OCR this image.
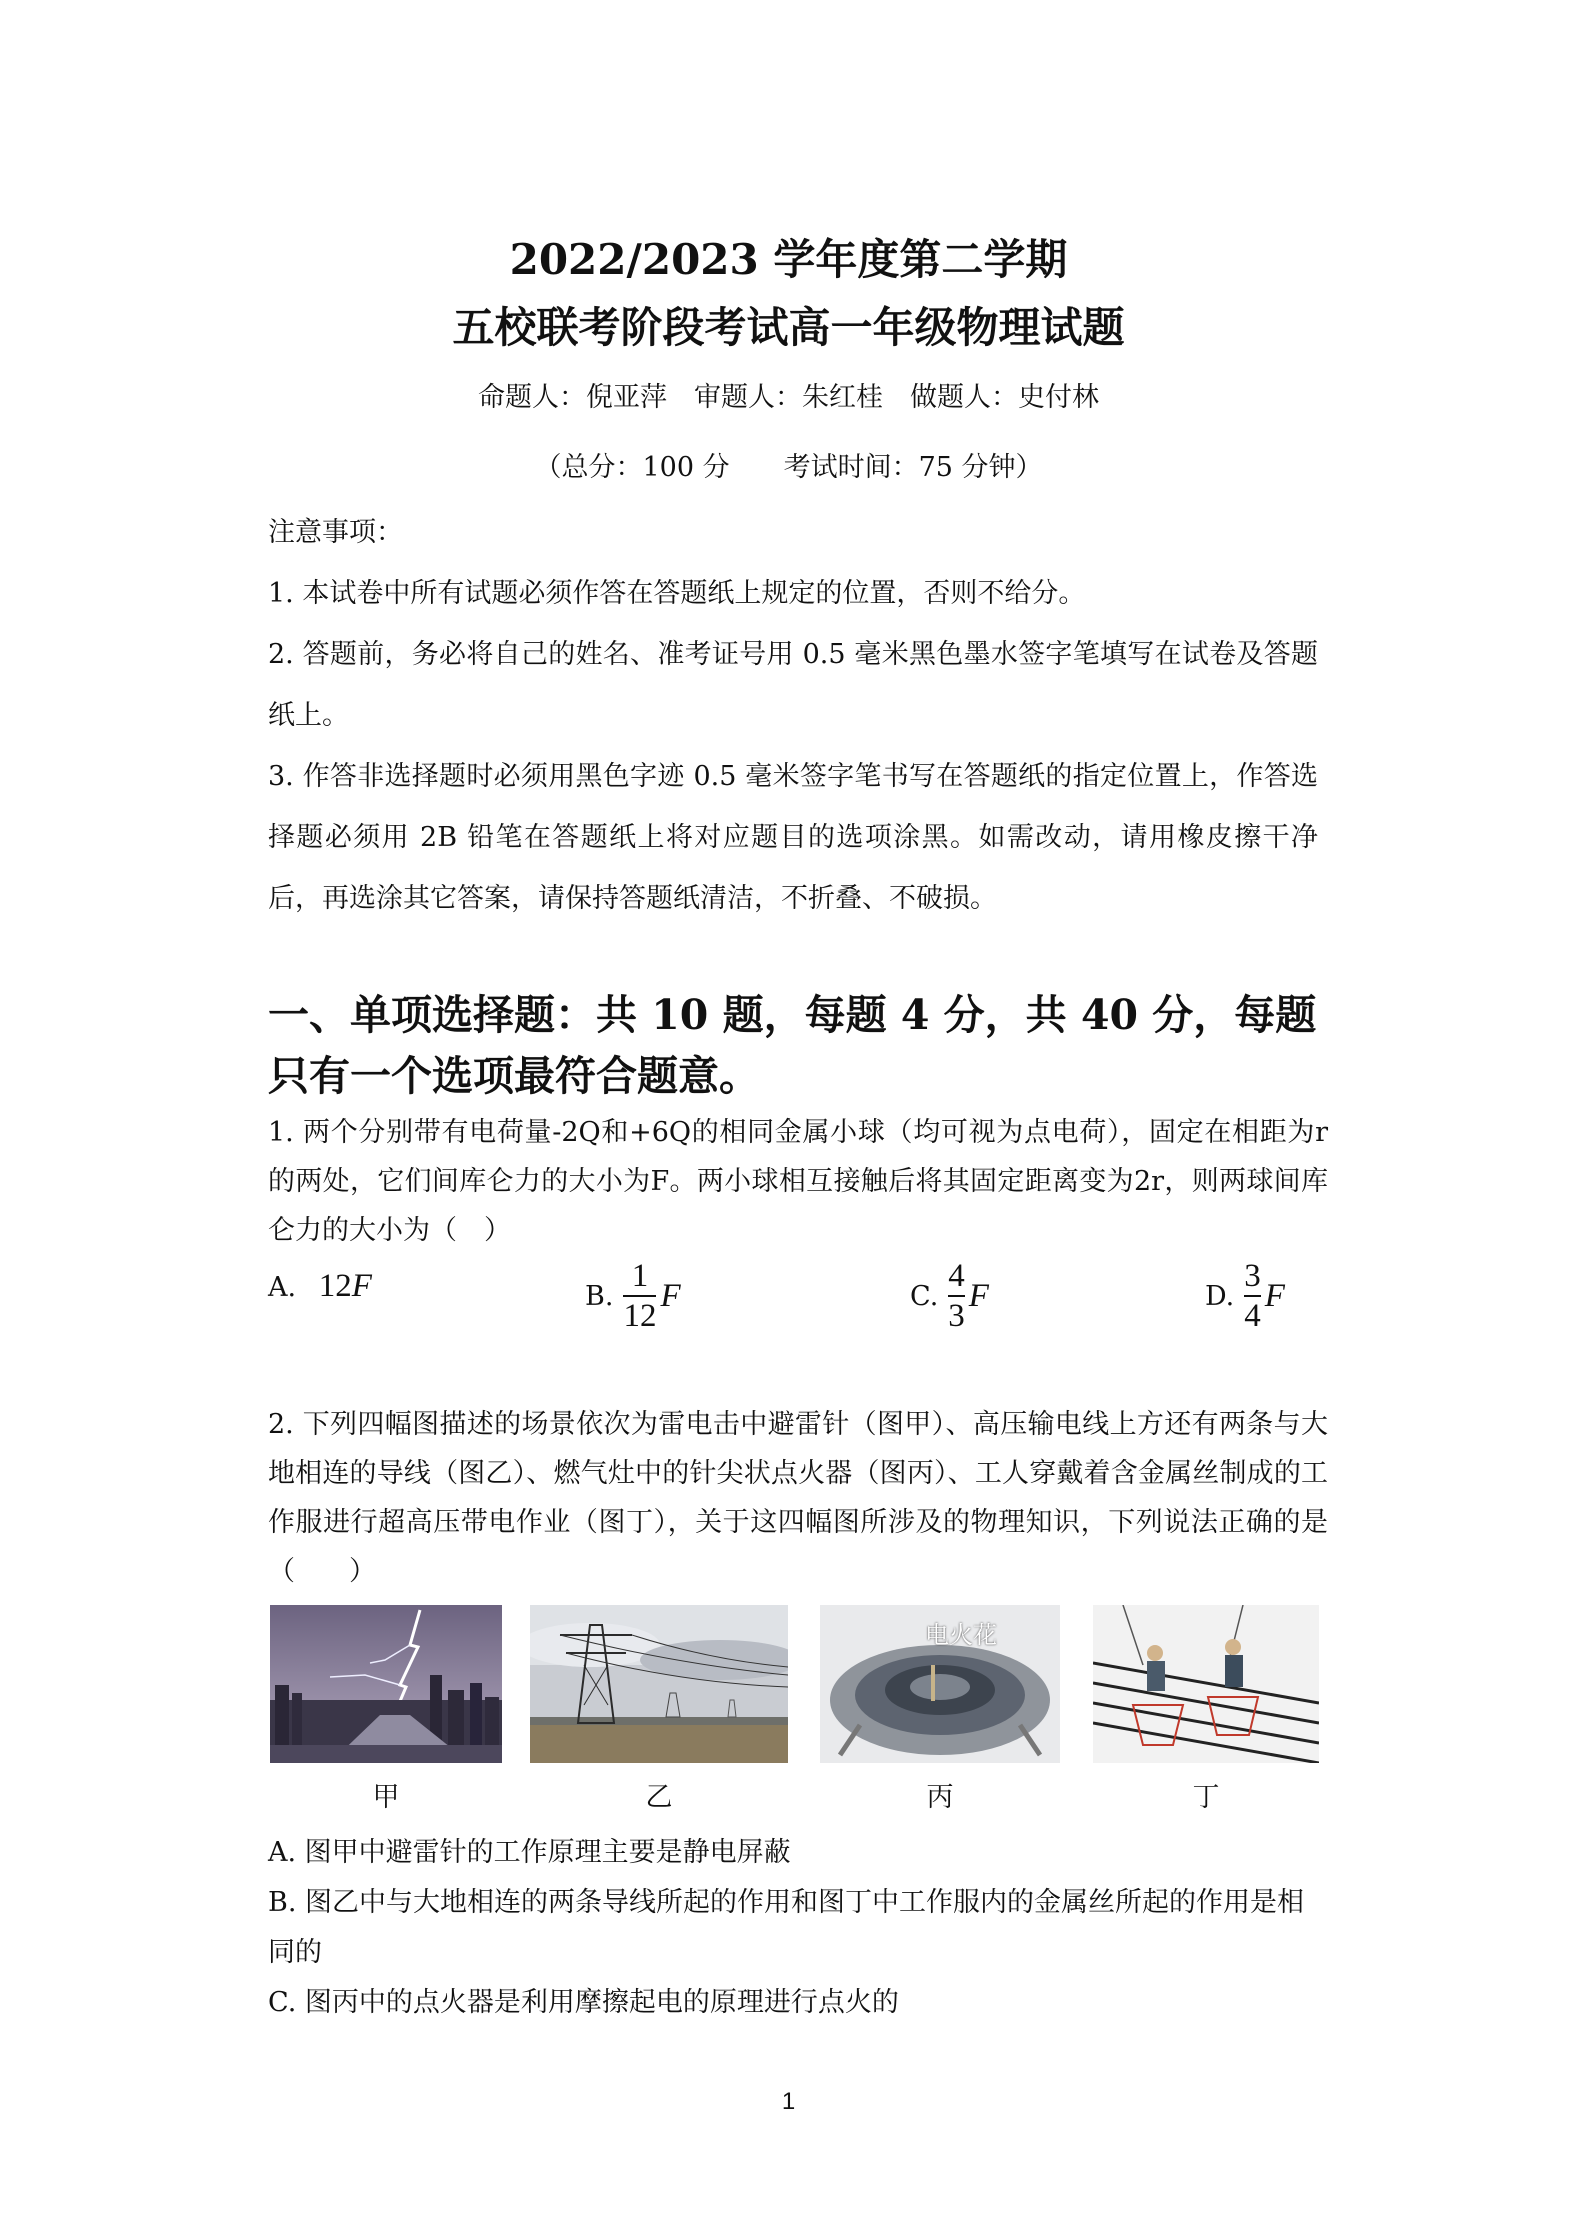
2022/2023 学年度第二学期
五校联考阶段考试高一年级物理试题
命题人：倪亚萍　审题人：朱红桂　做题人：史付林
（总分：100 分　　考试时间：75 分钟）

注意事项：

1. 本试卷中所有试题必须作答在答题纸上规定的位置，否则不给分。

2. 答题前，务必将自己的姓名、准考证号用 0.5 毫米黑色墨水签字笔填写在试卷及答题纸上。

3. 作答非选择题时必须用黑色字迹 0.5 毫米签字笔书写在答题纸的指定位置上，作答选择题必须用 2B 铅笔在答题纸上将对应题目的选项涂黑。如需改动，请用橡皮擦干净后，再选涂其它答案，请保持答题纸清洁，不折叠、不破损。

一、单项选择题：共 10 题，每题 4 分，共 40 分，每题只有一个选项最符合题意。

1. 两个分别带有电荷量-2Q和+6Q的相同金属小球（均可视为点电荷），固定在相距为r的两处，它们间库仑力的大小为F。两小球相互接触后将其固定距离变为2r，则两球间库仑力的大小为（　）

A. 12F	B. $\frac{1}{12}$ F	C. $\frac{4}{3}$ F	D. $\frac{3}{4}$ F

2. 下列四幅图描述的场景依次为雷电击中避雷针（图甲）、高压输电线上方还有两条与大地相连的导线（图乙）、燃气灶中的针尖状点火器（图丙）、工人穿戴着含金属丝制成的工作服进行超高压带电作业（图丁），关于这四幅图所涉及的物理知识，下列说法正确的是（　　）

甲	乙
电火花
丙	丁

A. 图甲中避雷针的工作原理主要是静电屏蔽

B. 图乙中与大地相连的两条导线所起的作用和图丁中工作服内的金属丝所起的作用是相同的

C. 图丙中的点火器是利用摩擦起电的原理进行点火的

1
